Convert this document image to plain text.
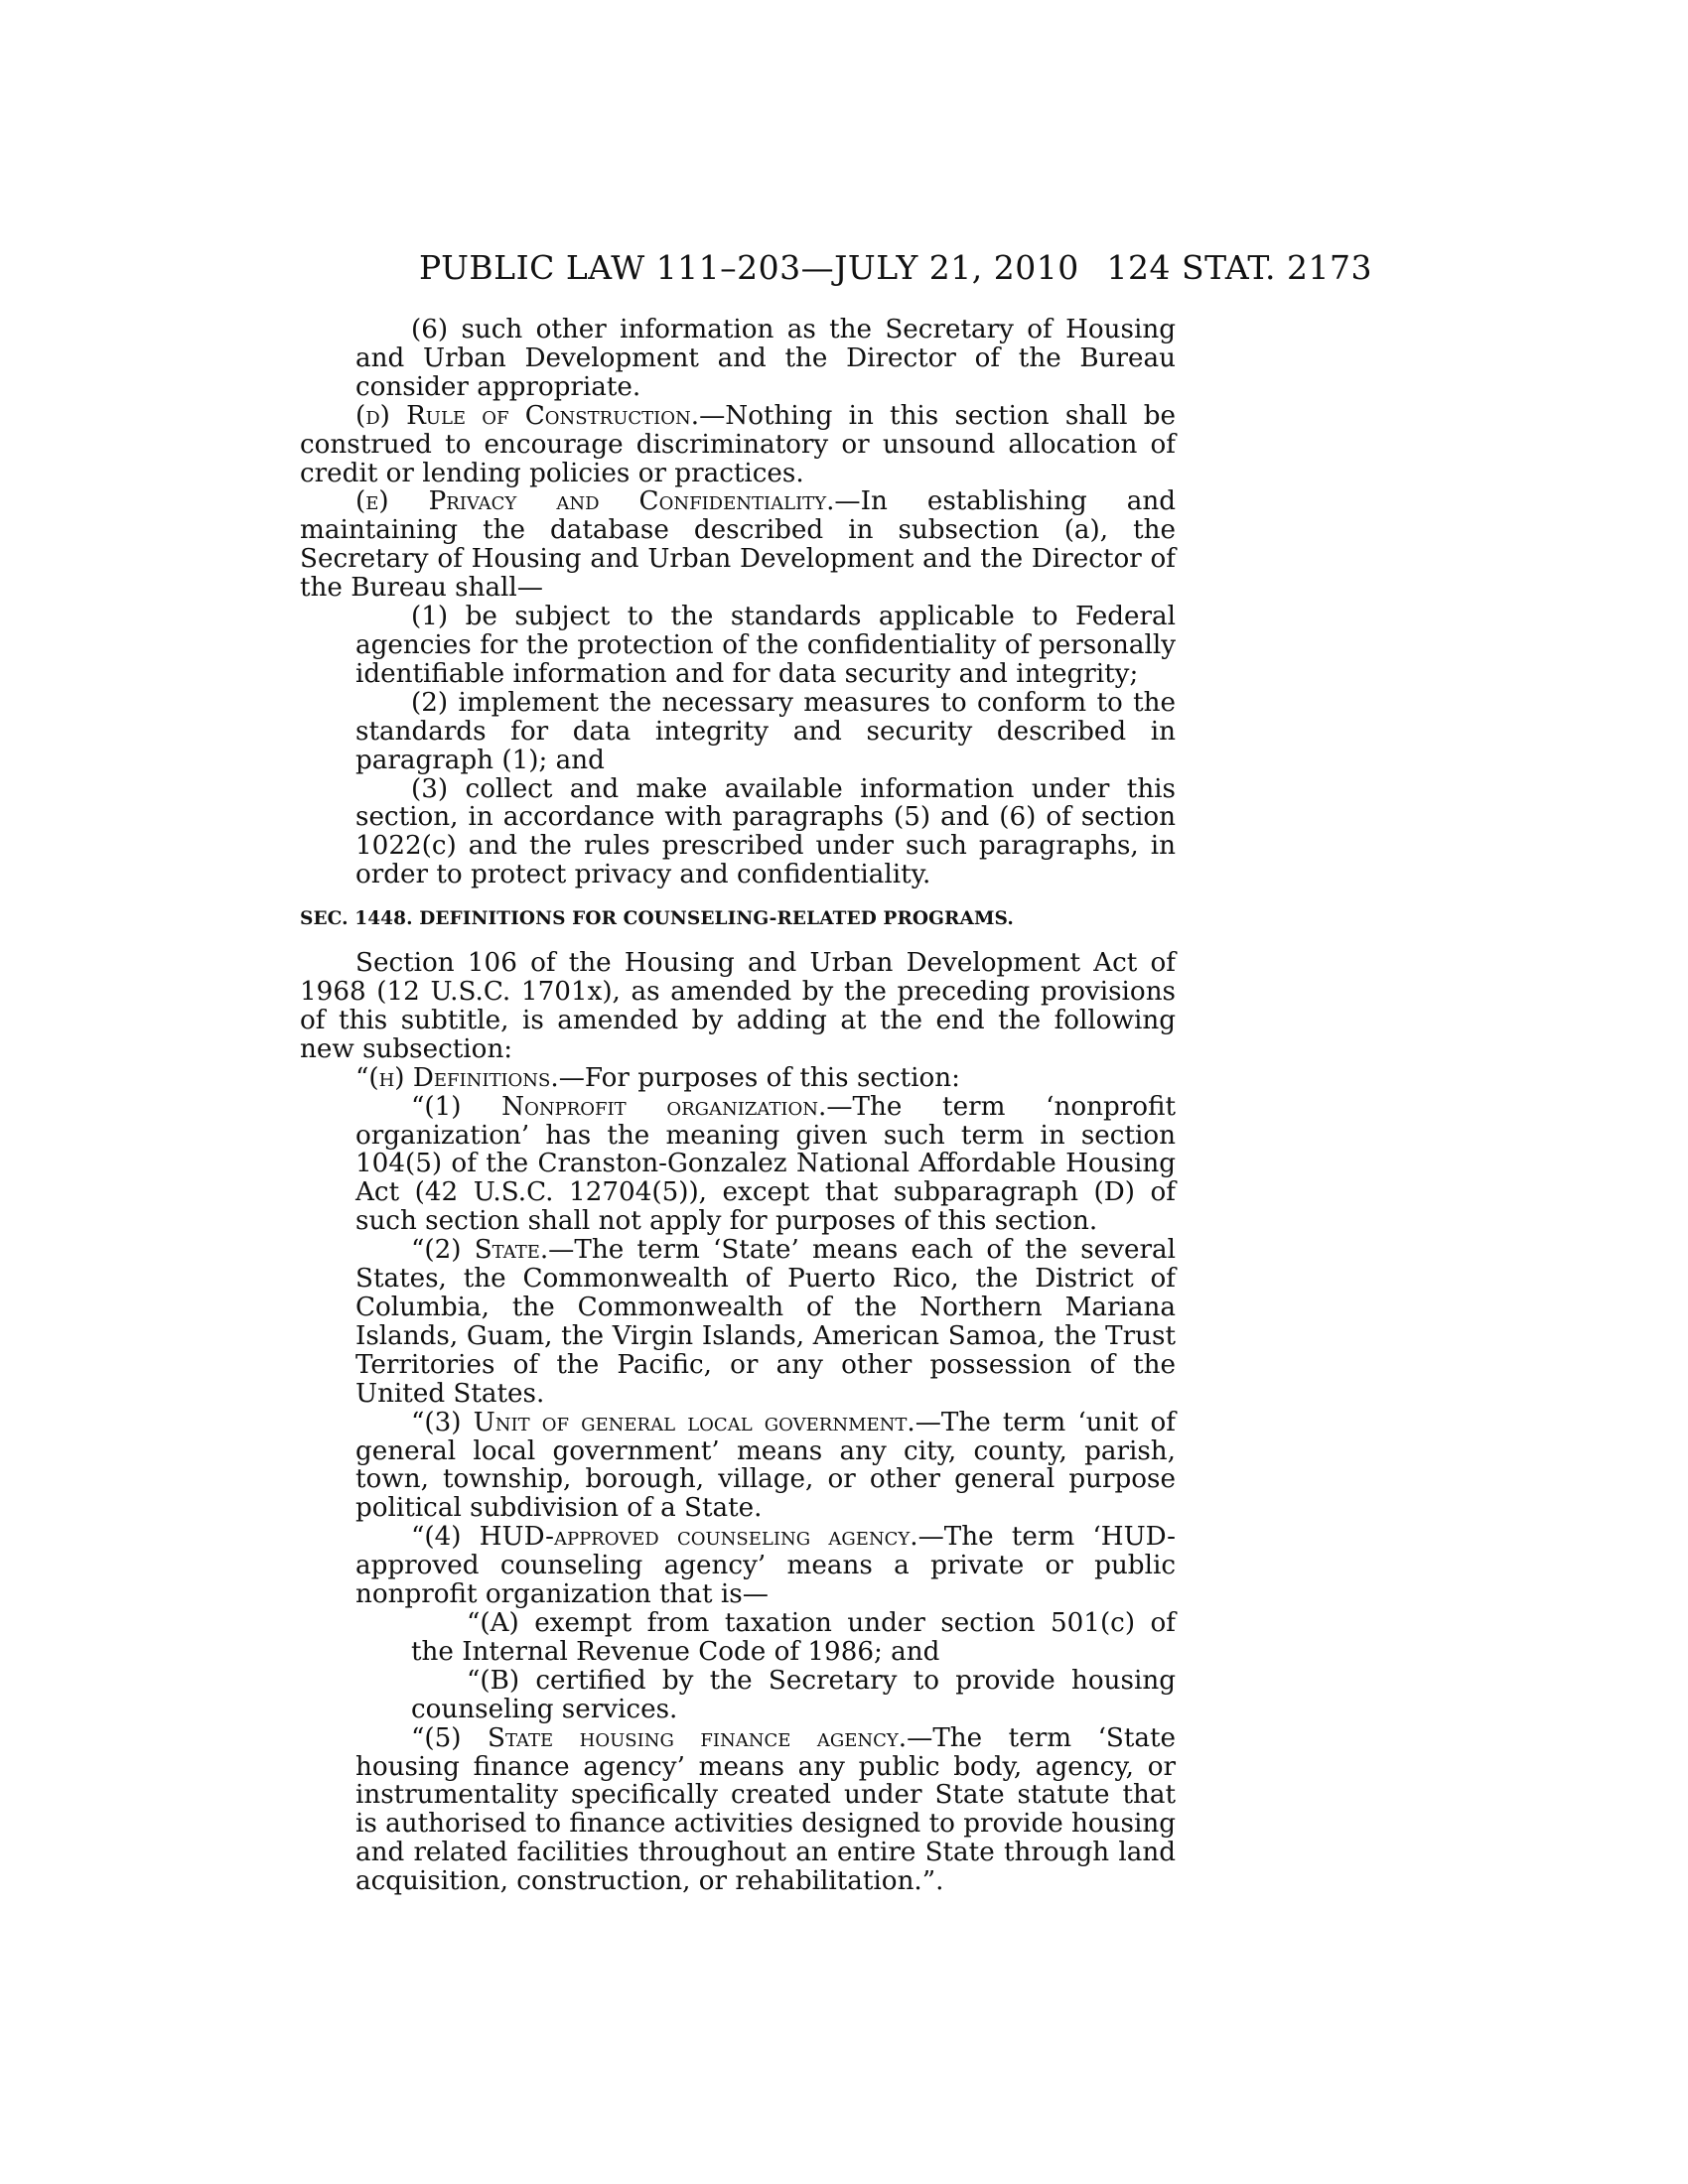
PUBLIC LAW 111–203—JULY 21, 2010 124 STAT. 2173

(6) such other information as the Secretary of Housing and Urban Development and the Director of the Bureau consider appropriate.

(d) Rule of Construction.—Nothing in this section shall be construed to encourage discriminatory or unsound allocation of credit or lending policies or practices.

(e) Privacy and Confidentiality.—In establishing and maintaining the database described in subsection (a), the Secretary of Housing and Urban Development and the Director of the Bureau shall—

(1) be subject to the standards applicable to Federal agencies for the protection of the confidentiality of personally identifiable information and for data security and integrity;

(2) implement the necessary measures to conform to the standards for data integrity and security described in paragraph (1); and

(3) collect and make available information under this section, in accordance with paragraphs (5) and (6) of section 1022(c) and the rules prescribed under such paragraphs, in order to protect privacy and confidentiality.

SEC. 1448. DEFINITIONS FOR COUNSELING-RELATED PROGRAMS.

Section 106 of the Housing and Urban Development Act of 1968 (12 U.S.C. 1701x), as amended by the preceding provisions of this subtitle, is amended by adding at the end the following new subsection:

“(h) Definitions.—For purposes of this section:

“(1) Nonprofit organization.—The term ‘nonprofit organization’ has the meaning given such term in section 104(5) of the Cranston-Gonzalez National Affordable Housing Act (42 U.S.C. 12704(5)), except that subparagraph (D) of such section shall not apply for purposes of this section.

“(2) State.—The term ‘State’ means each of the several States, the Commonwealth of Puerto Rico, the District of Columbia, the Commonwealth of the Northern Mariana Islands, Guam, the Virgin Islands, American Samoa, the Trust Territories of the Pacific, or any other possession of the United States.

“(3) Unit of general local government.—The term ‘unit of general local government’ means any city, county, parish, town, township, borough, village, or other general purpose political subdivision of a State.

“(4) HUD-approved counseling agency.—The term ‘HUD-approved counseling agency’ means a private or public nonprofit organization that is—

“(A) exempt from taxation under section 501(c) of the Internal Revenue Code of 1986; and

“(B) certified by the Secretary to provide housing counseling services.

“(5) State housing finance agency.—The term ‘State housing finance agency’ means any public body, agency, or instrumentality specifically created under State statute that is authorised to finance activities designed to provide housing and related facilities throughout an entire State through land acquisition, construction, or rehabilitation.”.
